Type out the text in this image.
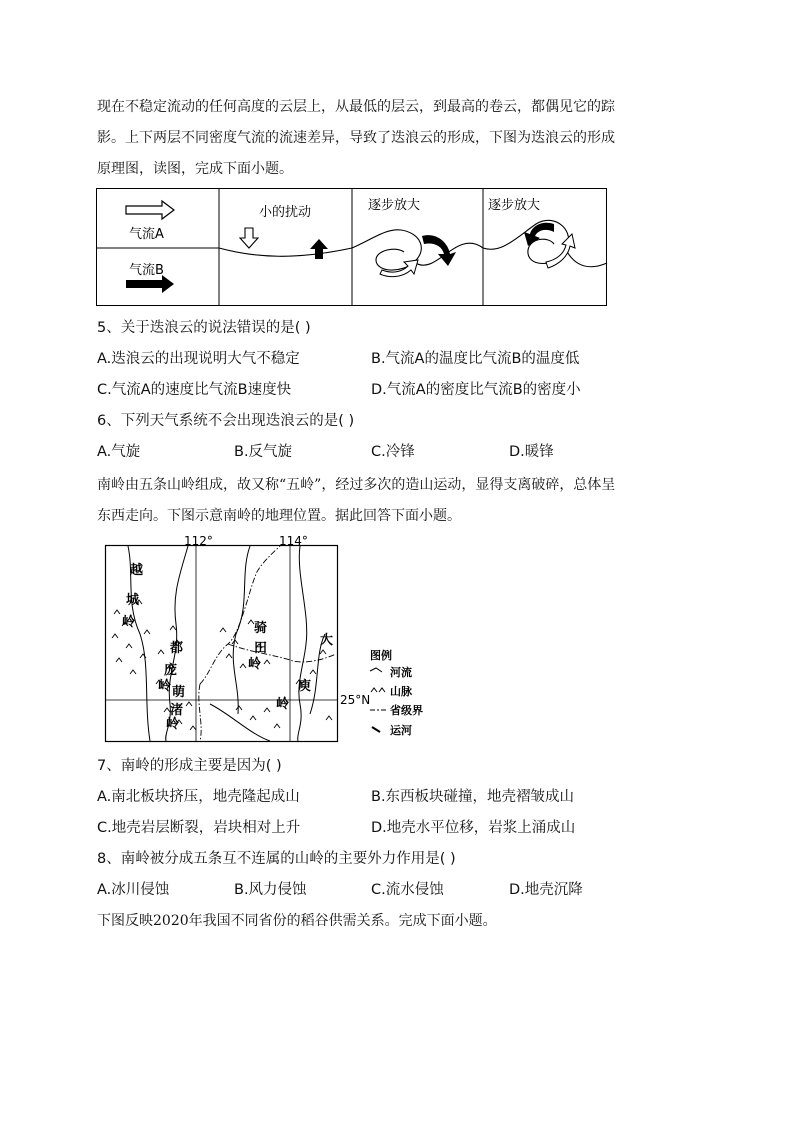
现在不稳定流动的任何高度的云层上，从最低的层云，到最高的卷云，都偶见它的踪
影。上下两层不同密度气流的流速差异，导致了迭浪云的形成，下图为迭浪云的形成
原理图，读图，完成下面小题。
气流A
气流B
小的扰动	逐步放大	逐步放大
5、关于迭浪云的说法错误的是( )
A.迭浪云的出现说明大气不稳定	B.气流A的温度比气流B的温度低
C.气流A的速度比气流B速度快	D.气流A的密度比气流B的密度小
6、下列天气系统不会出现迭浪云的是( )
A.气旋	B.反气旋	C.冷锋	D.暖锋
南岭由五条山岭组成，故又称“五岭”，经过多次的造山运动，显得支离破碎，总体呈
东西走向。下图示意南岭的地理位置。据此回答下面小题。
112°	114°
25°N
越
城
岭
都
庞
岭 萌
渚
岭
骑
田
岭
大
庾
岭
图例
河流
山脉
省级界
运河
7、南岭的形成主要是因为( )
A.南北板块挤压，地壳隆起成山	B.东西板块碰撞，地壳褶皱成山
C.地壳岩层断裂，岩块相对上升	D.地壳水平位移，岩浆上涌成山
8、南岭被分成五条互不连属的山岭的主要外力作用是( )
A.冰川侵蚀	B.风力侵蚀	C.流水侵蚀	D.地壳沉降
下图反映2020年我国不同省份的稻谷供需关系。完成下面小题。
